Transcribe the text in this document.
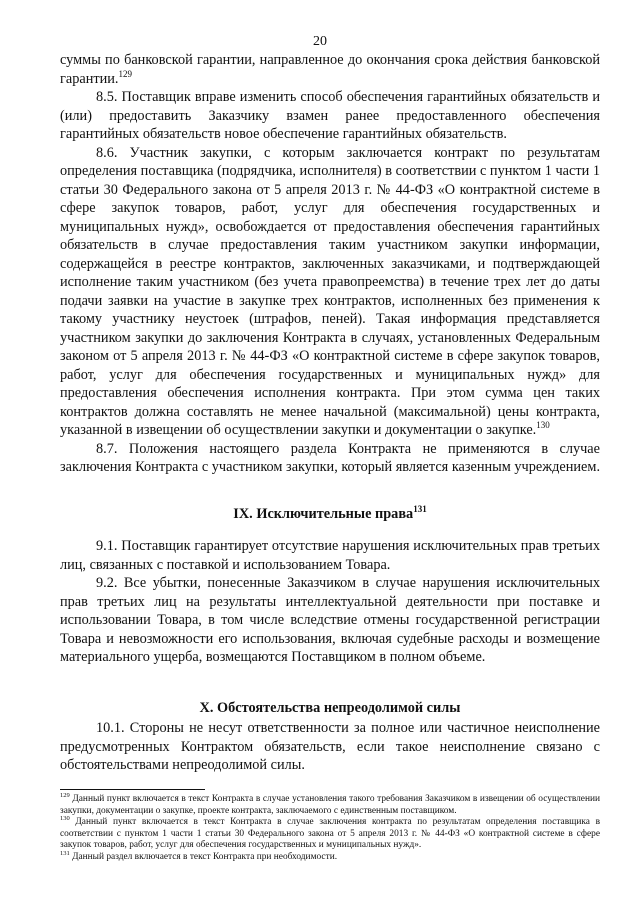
20

суммы по банковской гарантии, направленное до окончания срока действия банковской гарантии.$^{129}$

8.5. Поставщик вправе изменить способ обеспечения гарантийных обязательств и (или) предоставить Заказчику взамен ранее предоставленного обеспечения гарантийных обязательств новое обеспечение гарантийных обязательств.

8.6. Участник закупки, с которым заключается контракт по результатам определения поставщика (подрядчика, исполнителя) в соответствии с пунктом 1 части 1 статьи 30 Федерального закона от 5 апреля 2013 г. № 44-ФЗ «О контрактной системе в сфере закупок товаров, работ, услуг для обеспечения государственных и муниципальных нужд», освобождается от предоставления обеспечения гарантийных обязательств в случае предоставления таким участником закупки информации, содержащейся в реестре контрактов, заключенных заказчиками, и подтверждающей исполнение таким участником (без учета правопреемства) в течение трех лет до даты подачи заявки на участие в закупке трех контрактов, исполненных без применения к такому участнику неустоек (штрафов, пеней). Такая информация представляется участником закупки до заключения Контракта в случаях, установленных Федеральным законом от 5 апреля 2013 г. № 44-ФЗ «О контрактной системе в сфере закупок товаров, работ, услуг для обеспечения государственных и муниципальных нужд» для предоставления обеспечения исполнения контракта. При этом сумма цен таких контрактов должна составлять не менее начальной (максимальной) цены контракта, указанной в извещении об осуществлении закупки и документации о закупке.$^{130}$

8.7. Положения настоящего раздела Контракта не применяются в случае заключения Контракта с участником закупки, который является казенным учреждением.

IX. Исключительные права$^{131}$

9.1. Поставщик гарантирует отсутствие нарушения исключительных прав третьих лиц, связанных с поставкой и использованием Товара.

9.2. Все убытки, понесенные Заказчиком в случае нарушения исключительных прав третьих лиц на результаты интеллектуальной деятельности при поставке и использовании Товара, в том числе вследствие отмены государственной регистрации Товара и невозможности его использования, включая судебные расходы и возмещение материального ущерба, возмещаются Поставщиком в полном объеме.

X. Обстоятельства непреодолимой силы

10.1. Стороны не несут ответственности за полное или частичное неисполнение предусмотренных Контрактом обязательств, если такое неисполнение связано с обстоятельствами непреодолимой силы.

$^{129}$ Данный пункт включается в текст Контракта в случае установления такого требования Заказчиком в извещении об осуществлении закупки, документации о закупке, проекте контракта, заключаемого с единственным поставщиком.

$^{130}$ Данный пункт включается в текст Контракта в случае заключения контракта по результатам определения поставщика в соответствии с пунктом 1 части 1 статьи 30 Федерального закона от 5 апреля 2013 г. № 44-ФЗ «О контрактной системе в сфере закупок товаров, работ, услуг для обеспечения государственных и муниципальных нужд».

$^{131}$ Данный раздел включается в текст Контракта при необходимости.
